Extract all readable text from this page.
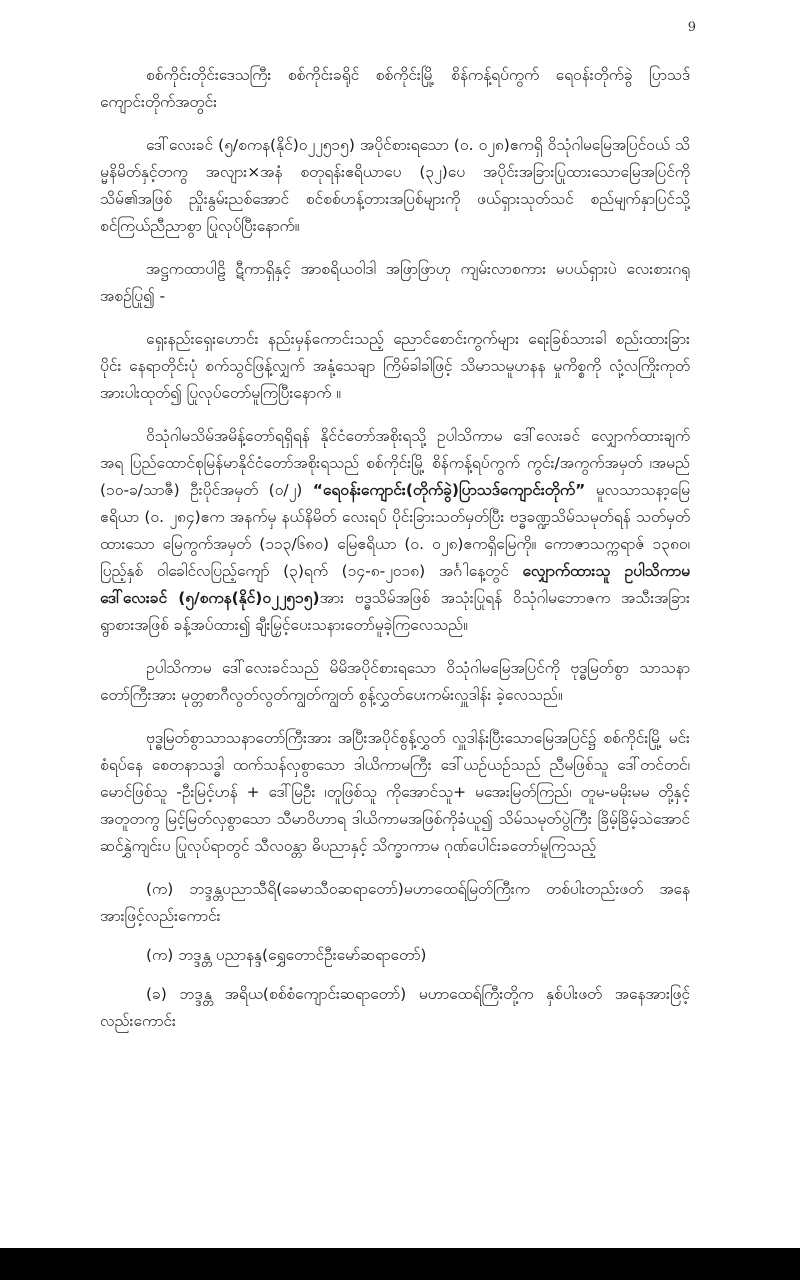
9

စစ်ကိုင်းတိုင်းဒေသကြီး စစ်ကိုင်းခရိုင် စစ်ကိုင်းမြို့ စိန်ကန့်ရပ်ကွက် ရေဝန်းတိုက်ခွဲ ပြာသဒ်ကျောင်းတိုက်အတွင်း

ဒေါ်လေးခင် (၅/စကန(နိုင်)၀၂၂၅၁၅) အပိုင်စားရသော (၀. ၀၂၈)ဧကရှိ ဝိသုံဂါမမြေအပြင်ဝယ် သိမ္မနိမိတ်နှင့်တကွ အလျား×အနံ စတုရန်းဧရိယာပေ (၃၂)ပေ အပိုင်းအခြားပြုထားသောမြေအပြင်ကို သိမ်၏အဖြစ် ညှိုးနွမ်းညစ်အောင် စင်စစ်ဟန့်တားအပြစ်များကို ဖယ်ရှားသုတ်သင် စည်မျက်နှာပြင်သို့ စင်ကြယ်ညီညာစွာ ပြုလုပ်ပြီးနောက်။

အဋ္ဌကထာပါဠိ ဋီကာရှိနှင့် အာစရိယဝါဒါ အဖြာဖြာဟု ကျမ်းလာစကား မပယ်ရှားပဲ လေးစားဂရု အစဉ်ပြု၍ -

ရှေးနည်းရှေးဟောင်း နည်းမှန်ကောင်းသည့် ညောင်စောင်းကွက်များ ရေးခြစ်သားခါ စည်းထားခြားပိုင်း နေရာတိုင်းပုံ စက်သွင်ဖြန့်လျှက် အနုံ့သေချာ ကြိမ်ခါခါဖြင့် သိမာသမူဟနန မှုကိစ္စကို လုံ့လကြိုးကုတ် အားပါးထုတ်၍ ပြုလုပ်တော်မူကြပြီးနောက် ။

ဝိသုံဂါမသိမ်အမိန့်တော်ရရှိရန် နိုင်ငံတော်အစိုးရသို့ ဥပါသိကာမ ဒေါ်လေးခင် လျှောက်ထားချက်အရ ပြည်ထောင်စုမြန်မာနိုင်ငံတော်အစိုးရသည် စစ်ကိုင်းမြို့ စိန်ကန့်ရပ်ကွက် ကွင်း/အကွက်အမှတ် ၊အမည် (၁၀-ခ/သာဇီ) ဦးပိုင်အမှတ် (၀/၂) “ရေဝန်းကျောင်း(တိုက်ခွဲ)ပြာသဒ်ကျောင်းတိုက်” မူလသာသနာ့မြေ ဧရိယာ (၀. ၂၈၄)ဧက အနက်မှ နယ်နိမိတ် လေးရပ် ပိုင်းခြားသတ်မှတ်ပြီး ဗဒ္ဓခဏ္ဍသိမ်သမုတ်ရန် သတ်မှတ်ထားသော မြေကွက်အမှတ် (၁၁၃/၆၈၀) မြေဧရိယာ (၀. ၀၂၈)ဧကရှိမြေကို။ ကောဇာသက္ကရာဇ် ၁၃၈၀၊ပြည့်နှစ် ဝါခေါင်လပြည့်ကျော် (၃)ရက် (၁၄-၈-၂၀၁၈) အင်္ဂါနေ့တွင် လျှောက်ထားသူ ဥပါသိကာမ ဒေါ်လေးခင် (၅/စကန(နိုင်)၀၂၂၅၁၅)အား ဗဒ္ဓသိမ်အဖြစ် အသုံးပြုရန် ဝိသုံဂါမဘောဇက အသီးအခြား ရွာစားအဖြစ် ခန့်အပ်ထား၍ ချီးမြှင့်ပေးသနားတော်မူခဲ့ကြလေသည်။

ဥပါသိကာမ ဒေါ်လေးခင်သည် မိမိအပိုင်စားရသော ဝိသုံဂါမမြေအပြင်ကို ဗုဒ္ဓမြတ်စွာ သာသနာတော်ကြီးအား မုတ္တစာဂီလွတ်လွတ်ကျွတ်ကျွတ် စွန့်လွှတ်ပေးကမ်းလှူဒါန်း ခဲ့လေသည်။

ဗုဒ္ဓမြတ်စွာသာသနာတော်ကြီးအား အပြီးအပိုင်စွန့်လွှတ် လှူဒါန်းပြီးသောမြေအပြင်၌ စစ်ကိုင်းမြို့ မင်းစံရပ်နေ စေတနာသဒ္ဓါ ထက်သန်လှစွာသော ဒါယိကာမကြီး ဒေါ်ယဉ်ယဉ်သည် ညီမဖြစ်သူ ဒေါ်တင်တင်၊ မောင်ဖြစ်သူ -ဦးမြင့်ဟန် + ဒေါ်မြဦး ၊တူဖြစ်သူ ကိုအောင်သူ+ မအေးမြတ်ကြည်၊ တူမ-မမိုးမမ တို့နှင့်အတူတကွ မြင့်မြတ်လှစွာသော သီမာဝိဟာရ ဒါယိကာမအဖြစ်ကိုခံယူ၍ သိမ်သမုတ်ပွဲကြီး ခြိမ့်ခြိမ့်သဲအောင် ဆင်နွှဲကျင်းပ ပြုလုပ်ရာတွင် သီလဝန္တာ ဓိပညာနှင့် သိက္ခာကာမ ဂုဏ်ပေါင်းခတော်မူကြသည့်

(က) ဘဒ္ဒန္တပညာသီရိ(ခေမာသီဝဆရာတော်)မဟာထေရ်မြတ်ကြီးက တစ်ပါးတည်းဖတ် အနေအားဖြင့်လည်းကောင်း

(က) ဘဒ္ဒန္တ ပညာနန္ဒ(ရွှေတောင်ဦးမော်ဆရာတော်)

(ခ) ဘဒ္ဒန္တ အရိယ(စစ်စံကျောင်းဆရာတော်) မဟာထေရ်ကြီးတို့က နှစ်ပါးဖတ် အနေအားဖြင့်လည်းကောင်း
